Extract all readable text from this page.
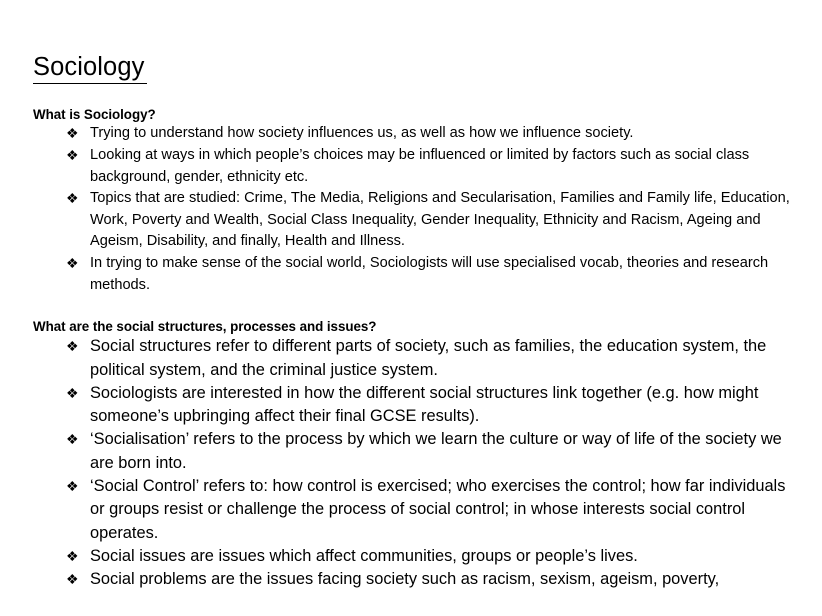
Sociology
What is Sociology?
❖ Trying to understand how society influences us, as well as how we influence society.
❖ Looking at ways in which people’s choices may be influenced or limited by factors such as social class background, gender, ethnicity etc.
❖ Topics that are studied: Crime, The Media, Religions and Secularisation, Families and Family life, Education, Work, Poverty and Wealth, Social Class Inequality, Gender Inequality, Ethnicity and Racism, Ageing and Ageism, Disability, and finally, Health and Illness.
❖ In trying to make sense of the social world, Sociologists will use specialised vocab, theories and research methods.
What are the social structures, processes and issues?
❖ Social structures refer to different parts of society, such as families, the education system, the political system, and the criminal justice system.
❖ Sociologists are interested in how the different social structures link together (e.g. how might someone’s upbringing affect their final GCSE results).
❖ ‘Socialisation’ refers to the process by which we learn the culture or way of life of the society we are born into.
❖ ‘Social Control’ refers to: how control is exercised; who exercises the control; how far individuals or groups resist or challenge the process of social control; in whose interests social control operates.
❖ Social issues are issues which affect communities, groups or people’s lives.
❖ Social problems are the issues facing society such as racism, sexism, ageism, poverty,
